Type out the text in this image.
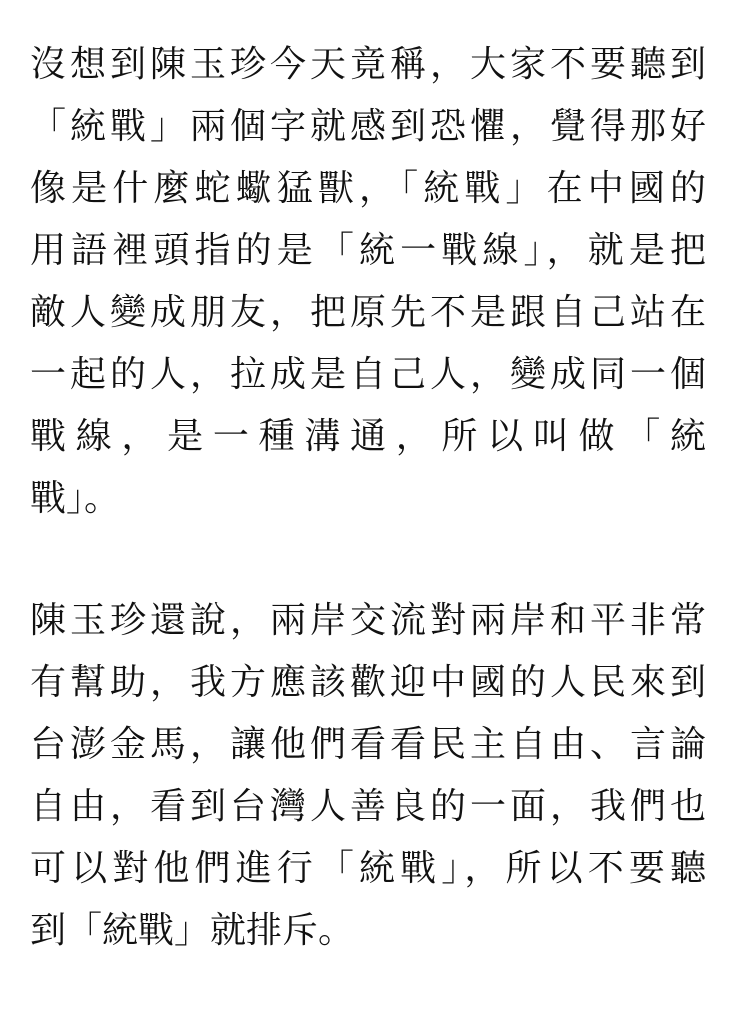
沒想到陳玉珍今天竟稱，大家不要聽到
「統戰」兩個字就感到恐懼，覺得那好
像是什麼蛇蠍猛獸，「統戰」在中國的
用語裡頭指的是「統一戰線」，就是把
敵人變成朋友，把原先不是跟自己站在
一起的人，拉成是自己人，變成同一個
戰線，是一種溝通，所以叫做「統
戰」。

陳玉珍還說，兩岸交流對兩岸和平非常
有幫助，我方應該歡迎中國的人民來到
台澎金馬，讓他們看看民主自由、言論
自由，看到台灣人善良的一面，我們也
可以對他們進行「統戰」，所以不要聽
到「統戰」就排斥。
